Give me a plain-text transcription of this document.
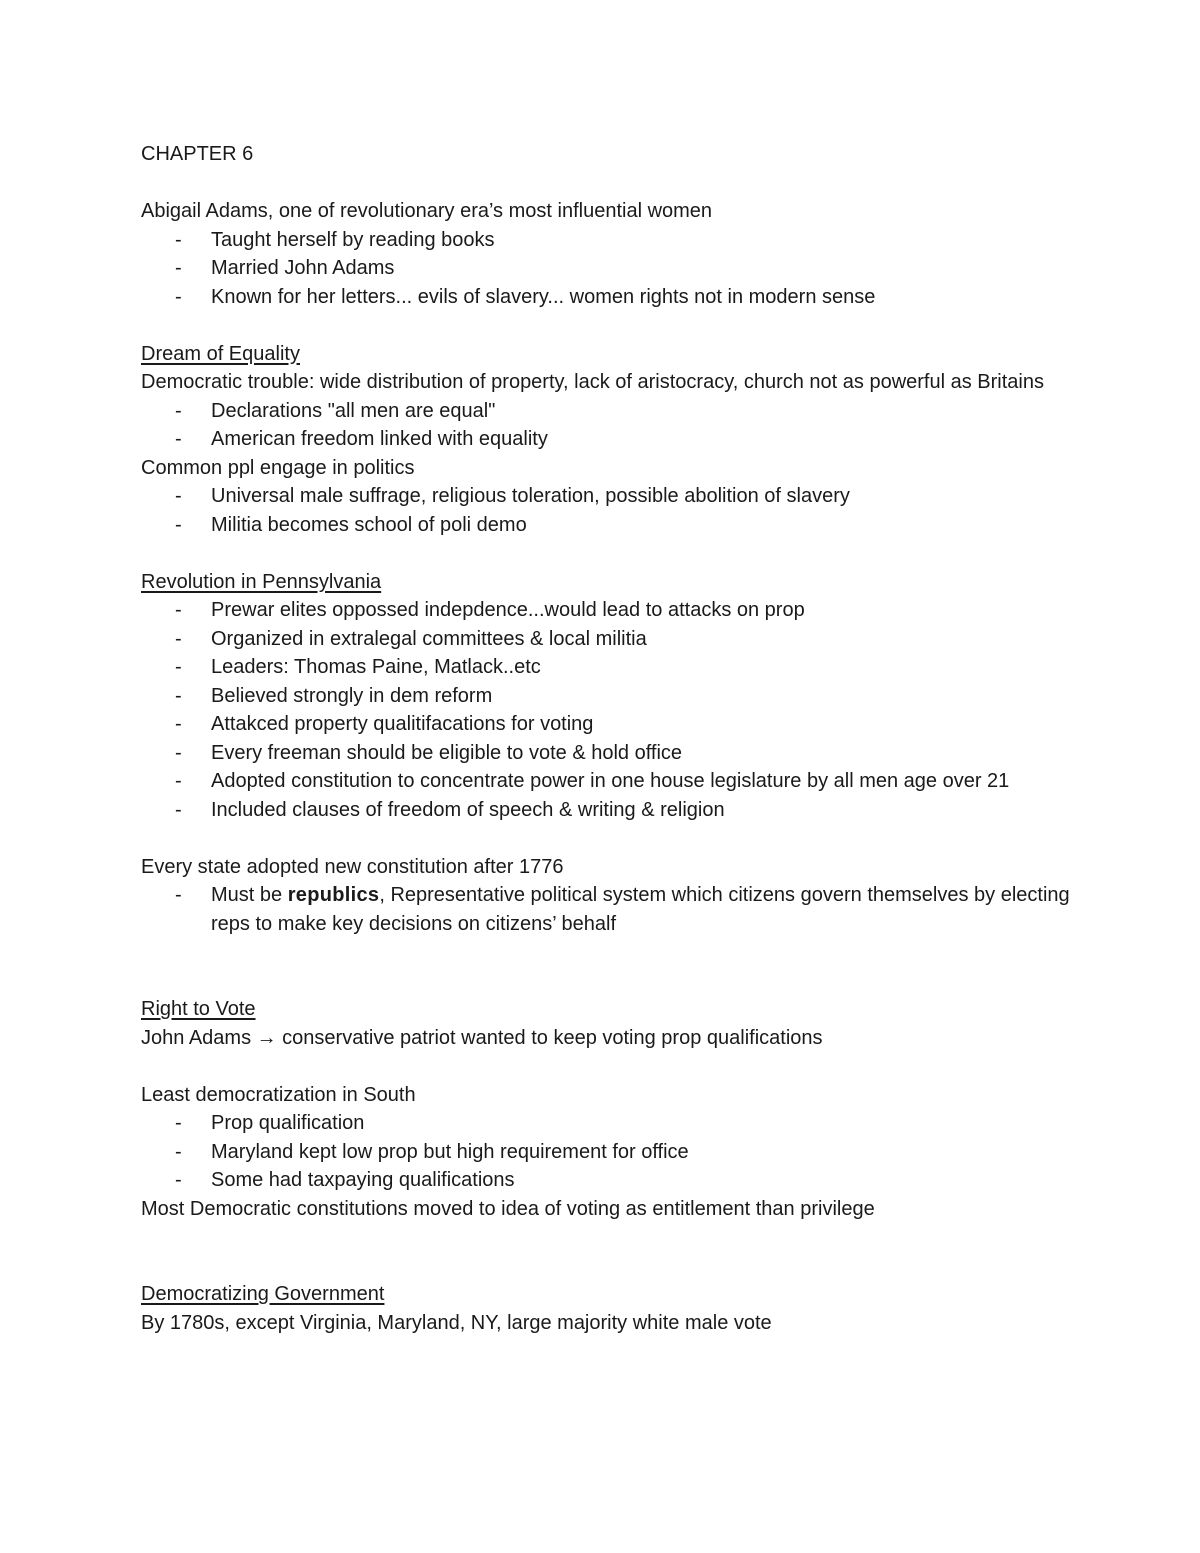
CHAPTER 6

Abigail Adams, one of revolutionary era’s most influential women

- Taught herself by reading books
- Married John Adams
- Known for her letters... evils of slavery... women rights not in modern sense

Dream of Equality

Democratic trouble: wide distribution of property, lack of aristocracy, church not as powerful as Britains

- Declarations "all men are equal"
- American freedom linked with equality

Common ppl engage in politics

- Universal male suffrage, religious toleration, possible abolition of slavery
- Militia becomes school of poli demo

Revolution in Pennsylvania

- Prewar elites oppossed indepdence...would lead to attacks on prop
- Organized in extralegal committees & local militia
- Leaders: Thomas Paine, Matlack..etc
- Believed strongly in dem reform
- Attakced property qualitifacations for voting
- Every freeman should be eligible to vote & hold office
- Adopted constitution to concentrate power in one house legislature by all men age over 21
- Included clauses of freedom of speech & writing & religion

Every state adopted new constitution after 1776

- Must be republics, Representative political system which citizens govern themselves by electing reps to make key decisions on citizens’ behalf

Right to Vote

John Adams → conservative patriot wanted to keep voting prop qualifications

Least democratization in South

- Prop qualification
- Maryland kept low prop but high requirement for office
- Some had taxpaying qualifications

Most Democratic constitutions moved to idea of voting as entitlement than privilege

Democratizing Government

By 1780s, except Virginia, Maryland, NY, large majority white male vote
